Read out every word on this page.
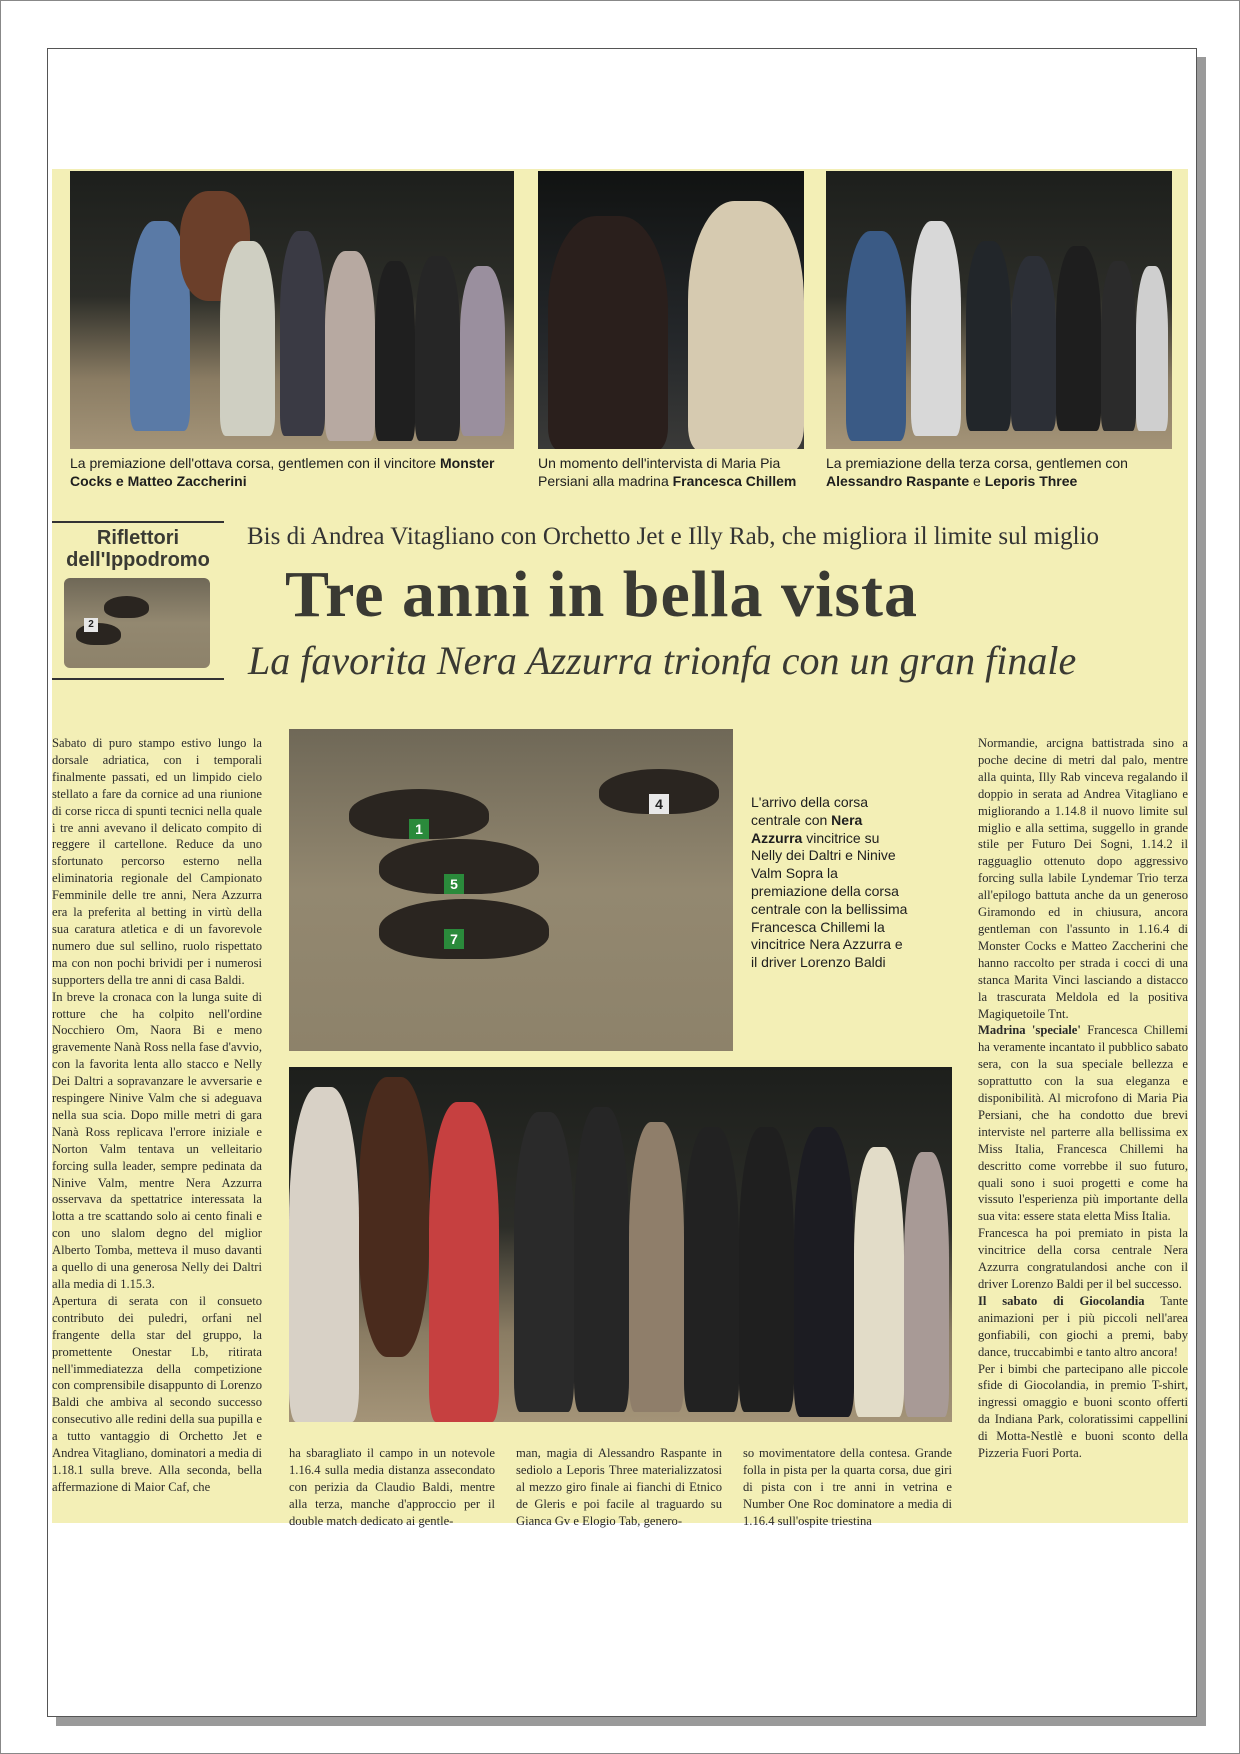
La premiazione dell'ottava corsa, gentlemen con il vincitore Monster Cocks e Matteo Zaccherini
Un momento dell'intervista di Maria Pia Persiani alla madrina Francesca Chillem
La premiazione della terza corsa, gentlemen con Alessandro Raspante e Leporis Three
Riflettori
dell'Ippodromo
2
Bis di Andrea Vitagliano con Orchetto Jet e Illy Rab, che migliora il limite sul miglio
Tre anni in bella vista
La favorita Nera Azzurra trionfa con un gran finale
1
5
7
4	L'arrivo della corsa centrale con Nera Azzurra vincitrice su Nelly dei Daltri e Ninive Valm Sopra la premiazione della corsa centrale con la bellissima Francesca Chillemi la vincitrice Nera Azzurra e il driver Lorenzo Baldi

Sabato di puro stampo estivo lungo la dorsale adriatica, con i temporali finalmente passati, ed un limpido cielo stellato a fare da cornice ad una riunione di corse ricca di spunti tecnici nella quale i tre anni avevano il delicato compito di reggere il cartellone. Reduce da uno sfortunato percorso esterno nella eliminatoria regionale del Campionato Femminile delle tre anni, Nera Azzurra era la preferita al betting in virtù della sua caratura atletica e di un favorevole numero due sul sellino, ruolo rispettato ma con non pochi brividi per i numerosi supporters della tre anni di casa Baldi.

In breve la cronaca con la lunga suite di rotture che ha colpito nell'ordine Nocchiero Om, Naora Bi e meno gravemente Nanà Ross nella fase d'avvio, con la favorita lenta allo stacco e Nelly Dei Daltri a sopravanzare le avversarie e respingere Ninive Valm che si adeguava nella sua scia. Dopo mille metri di gara Nanà Ross replicava l'errore iniziale e Norton Valm tentava un velleitario forcing sulla leader, sempre pedinata da Ninive Valm, mentre Nera Azzurra osservava da spettatrice interessata la lotta a tre scattando solo ai cento finali e con uno slalom degno del miglior Alberto Tomba, metteva il muso davanti a quello di una generosa Nelly dei Daltri alla media di 1.15.3.

Apertura di serata con il consueto contributo dei puledri, orfani nel frangente della star del gruppo, la promettente Onestar Lb, ritirata nell'immediatezza della competizione con comprensibile disappunto di Lorenzo Baldi che ambiva al secondo successo consecutivo alle redini della sua pupilla e a tutto vantaggio di Orchetto Jet e Andrea Vitagliano, dominatori a media di 1.18.1 sulla breve. Alla seconda, bella affermazione di Maior Caf, che

ha sbaragliato il campo in un notevole 1.16.4 sulla media distanza assecondato con perizia da Claudio Baldi, mentre alla terza, manche d'approccio per il double match dedicato ai gentle-

man, magia di Alessandro Raspante in sediolo a Leporis Three materializzatosi al mezzo giro finale ai fianchi di Etnico de Gleris e poi facile al traguardo su Gianca Gv e Elogio Tab, genero-

so movimentatore della contesa. Grande folla in pista per la quarta corsa, due giri di pista con i tre anni in vetrina e Number One Roc dominatore a media di 1.16.4 sull'ospite triestina

Normandie, arcigna battistrada sino a poche decine di metri dal palo, mentre alla quinta, Illy Rab vinceva regalando il doppio in serata ad Andrea Vitagliano e migliorando a 1.14.8 il nuovo limite sul miglio e alla settima, suggello in grande stile per Futuro Dei Sogni, 1.14.2 il ragguaglio ottenuto dopo aggressivo forcing sulla labile Lyndemar Trio terza all'epilogo battuta anche da un generoso Giramondo ed in chiusura, ancora gentleman con l'assunto in 1.16.4 di Monster Cocks e Matteo Zaccherini che hanno raccolto per strada i cocci di una stanca Marita Vinci lasciando a distacco la trascurata Meldola ed la positiva Magiquetoile Tnt.

Madrina 'speciale' Francesca Chillemi ha veramente incantato il pubblico sabato sera, con la sua speciale bellezza e soprattutto con la sua eleganza e disponibilità. Al microfono di Maria Pia Persiani, che ha condotto due brevi interviste nel parterre alla bellissima ex Miss Italia, Francesca Chillemi ha descritto come vorrebbe il suo futuro, quali sono i suoi progetti e come ha vissuto l'esperienza più importante della sua vita: essere stata eletta Miss Italia.

Francesca ha poi premiato in pista la vincitrice della corsa centrale Nera Azzurra congratulandosi anche con il driver Lorenzo Baldi per il bel successo.

Il sabato di Giocolandia Tante animazioni per i più piccoli nell'area gonfiabili, con giochi a premi, baby dance, truccabimbi e tanto altro ancora!

Per i bimbi che partecipano alle piccole sfide di Giocolandia, in premio T-shirt, ingressi omaggio e buoni sconto offerti da Indiana Park, coloratissimi cappellini di Motta-Nestlè e buoni sconto della Pizzeria Fuori Porta.
